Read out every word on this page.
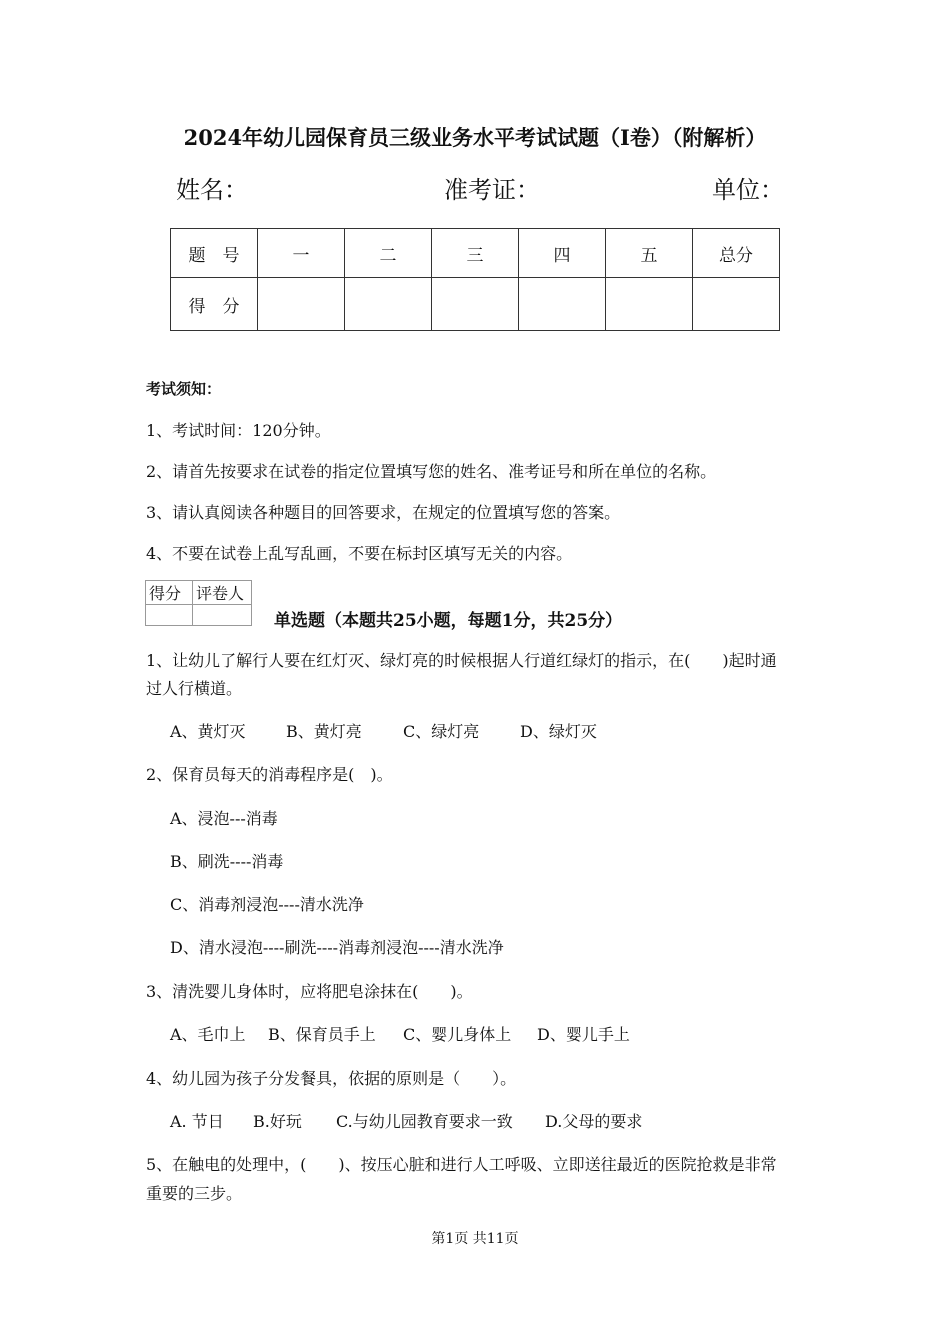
2024年幼儿园保育员三级业务水平考试试题（I卷）（附解析）
姓名：	准考证：	单位：
题　号	一	二	三	四	五	总分
得　分						
考试须知：
1、考试时间：120分钟。
2、请首先按要求在试卷的指定位置填写您的姓名、准考证号和所在单位的名称。
3、请认真阅读各种题目的回答要求，在规定的位置填写您的答案。
4、不要在试卷上乱写乱画，不要在标封区填写无关的内容。
得分	评卷人

单选题（本题共25小题，每题1分，共25分）
1、让幼儿了解行人要在红灯灭、绿灯亮的时候根据人行道红绿灯的指示，在(　　)起时通
过人行横道。
A、黄灯灭	B、黄灯亮	C、绿灯亮	D、绿灯灭
2、保育员每天的消毒程序是(　)。
A、浸泡---消毒
B、刷洗----消毒
C、消毒剂浸泡----清水洗净
D、清水浸泡----刷洗----消毒剂浸泡----清水洗净
3、清洗婴儿身体时，应将肥皂涂抹在(　　)。
A、毛巾上 B、保育员手上 C、婴儿身体上 D、婴儿手上
4、幼儿园为孩子分发餐具，依据的原则是（　　）。
A. 节日 B.好玩 C.与幼儿园教育要求一致 D.父母的要求
5、在触电的处理中，(　　)、按压心脏和进行人工呼吸、立即送往最近的医院抢救是非常
重要的三步。
第1页 共11页
